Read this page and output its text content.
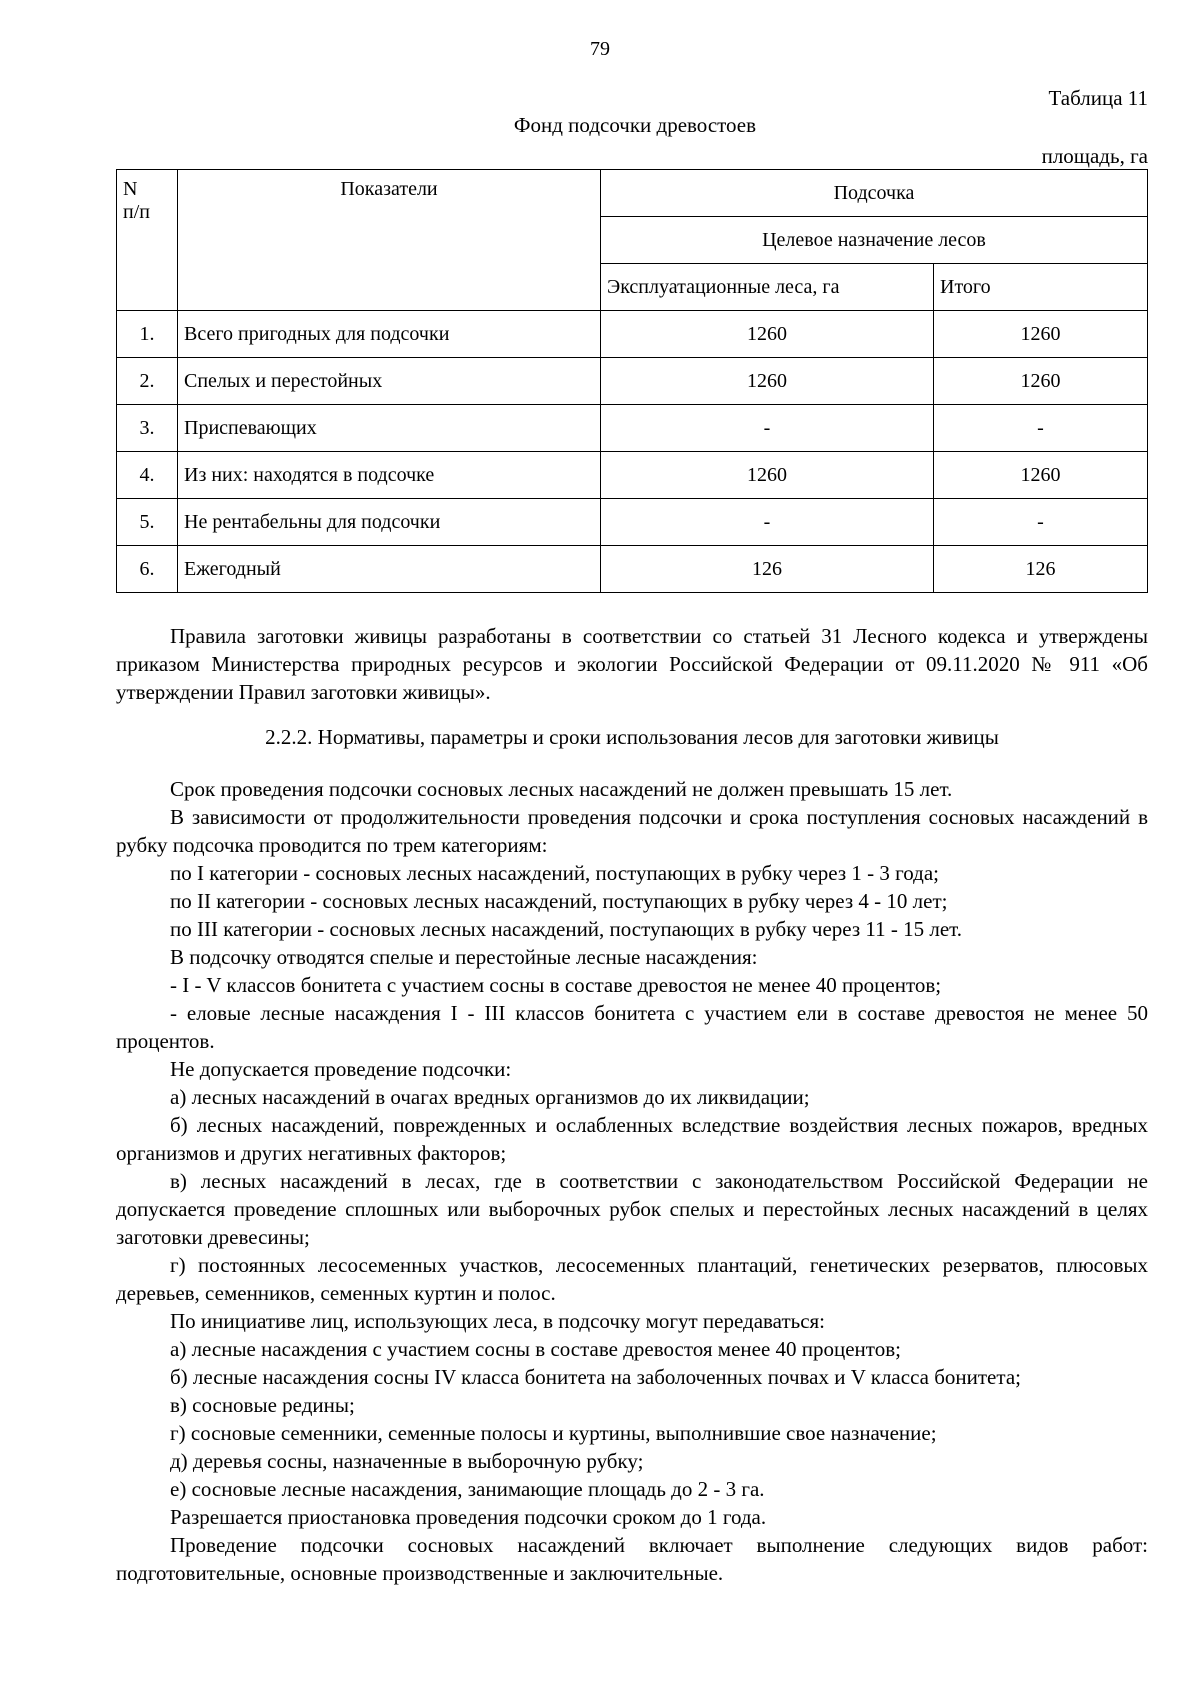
79
Таблица 11
Фонд подсочки древостоев
площадь, га
N
п/п	Показатели	Подсочка	
		Целевое назначение лесов	
		Эксплуатационные леса, га	Итого
1.	Всего пригодных для подсочки	1260	1260
2.	Спелых и перестойных	1260	1260
3.	Приспевающих	-	-
4.	Из них: находятся в подсочке	1260	1260
5.	Не рентабельны для подсочки	-	-
6.	Ежегодный	126	126

Правила заготовки живицы разработаны в соответствии со статьей 31 Лесного кодекса и утверждены приказом Министерства природных ресурсов и экологии Российской Федерации от 09.11.2020 № 911 «Об утверждении Правил заготовки живицы».

2.2.2. Нормативы, параметры и сроки использования лесов для заготовки живицы

Срок проведения подсочки сосновых лесных насаждений не должен превышать 15 лет.

В зависимости от продолжительности проведения подсочки и срока поступления сосновых насаждений в рубку подсочка проводится по трем категориям:

по I категории - сосновых лесных насаждений, поступающих в рубку через 1 - 3 года;

по II категории - сосновых лесных насаждений, поступающих в рубку через 4 - 10 лет;

по III категории - сосновых лесных насаждений, поступающих в рубку через 11 - 15 лет.

В подсочку отводятся спелые и перестойные лесные насаждения:

- I - V классов бонитета с участием сосны в составе древостоя не менее 40 процентов;

- еловые лесные насаждения I - III классов бонитета с участием ели в составе древостоя не менее 50 процентов.

Не допускается проведение подсочки:

а) лесных насаждений в очагах вредных организмов до их ликвидации;

б) лесных насаждений, поврежденных и ослабленных вследствие воздействия лесных пожаров, вредных организмов и других негативных факторов;

в) лесных насаждений в лесах, где в соответствии с законодательством Российской Федерации не допускается проведение сплошных или выборочных рубок спелых и перестойных лесных насаждений в целях заготовки древесины;

г) постоянных лесосеменных участков, лесосеменных плантаций, генетических резерватов, плюсовых деревьев, семенников, семенных куртин и полос.

По инициативе лиц, использующих леса, в подсочку могут передаваться:

а) лесные насаждения с участием сосны в составе древостоя менее 40 процентов;

б) лесные насаждения сосны IV класса бонитета на заболоченных почвах и V класса бонитета;

в) сосновые редины;

г) сосновые семенники, семенные полосы и куртины, выполнившие свое назначение;

д) деревья сосны, назначенные в выборочную рубку;

е) сосновые лесные насаждения, занимающие площадь до 2 - 3 га.

Разрешается приостановка проведения подсочки сроком до 1 года.

Проведение подсочки сосновых насаждений включает выполнение следующих видов работ: подготовительные, основные производственные и заключительные.
